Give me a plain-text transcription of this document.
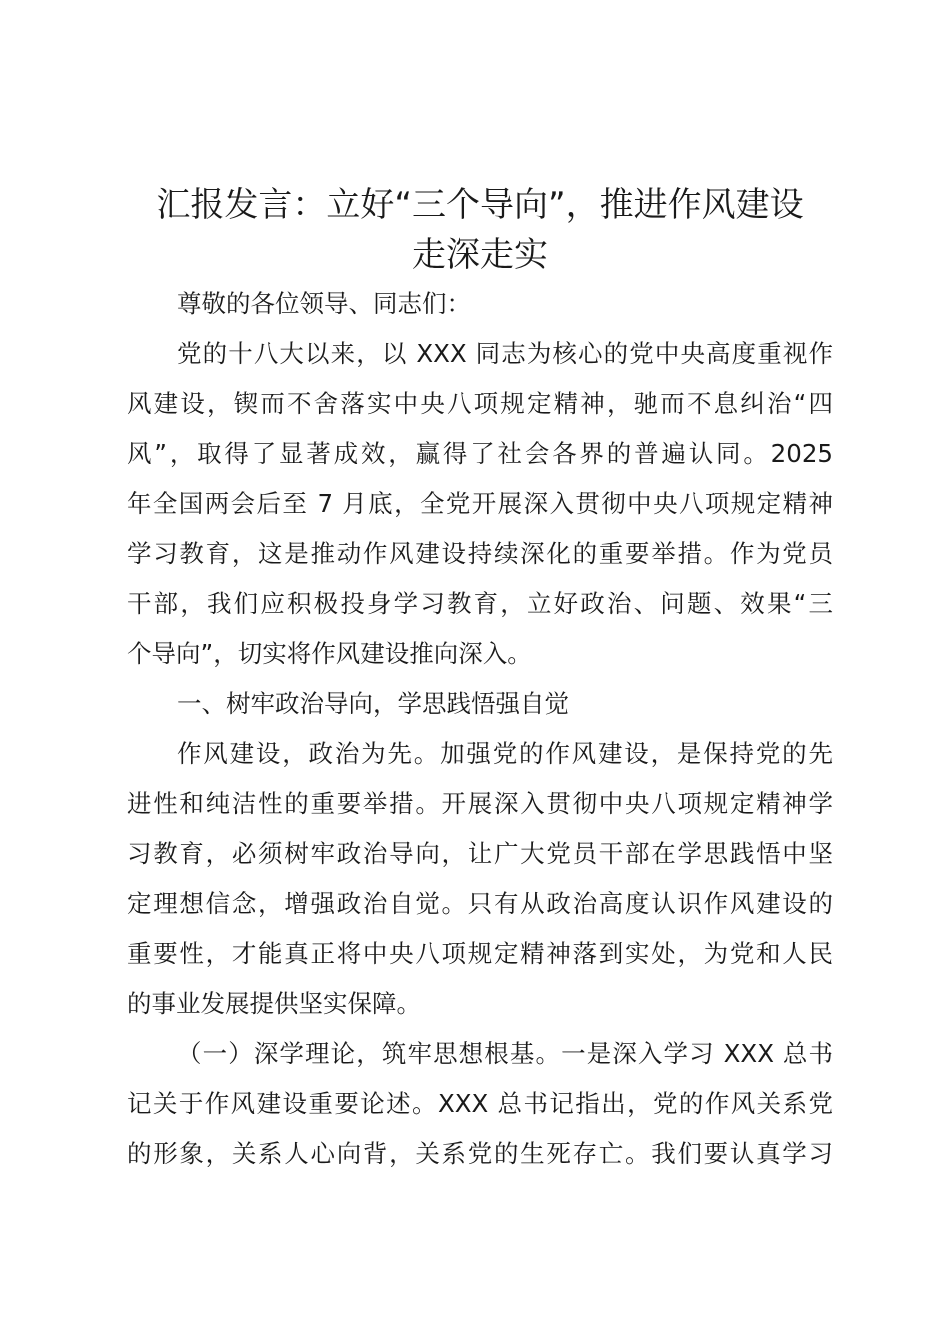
汇报发言：立好“三个导向”，推进作风建设
走深走实

尊敬的各位领导、同志们：

党的十八大以来，以 XXX 同志为核心的党中央高度重视作

风建设，锲而不舍落实中央八项规定精神，驰而不息纠治“四

风”，取得了显著成效，赢得了社会各界的普遍认同。2025

年全国两会后至 7 月底，全党开展深入贯彻中央八项规定精神

学习教育，这是推动作风建设持续深化的重要举措。作为党员

干部，我们应积极投身学习教育，立好政治、问题、效果“三

个导向”，切实将作风建设推向深入。

一、树牢政治导向，学思践悟强自觉

作风建设，政治为先。加强党的作风建设，是保持党的先

进性和纯洁性的重要举措。开展深入贯彻中央八项规定精神学

习教育，必须树牢政治导向，让广大党员干部在学思践悟中坚

定理想信念，增强政治自觉。只有从政治高度认识作风建设的

重要性，才能真正将中央八项规定精神落到实处，为党和人民

的事业发展提供坚实保障。

（一）深学理论，筑牢思想根基。一是深入学习 XXX 总书

记关于作风建设重要论述。XXX 总书记指出，党的作风关系党

的形象，关系人心向背，关系党的生死存亡。我们要认真学习
